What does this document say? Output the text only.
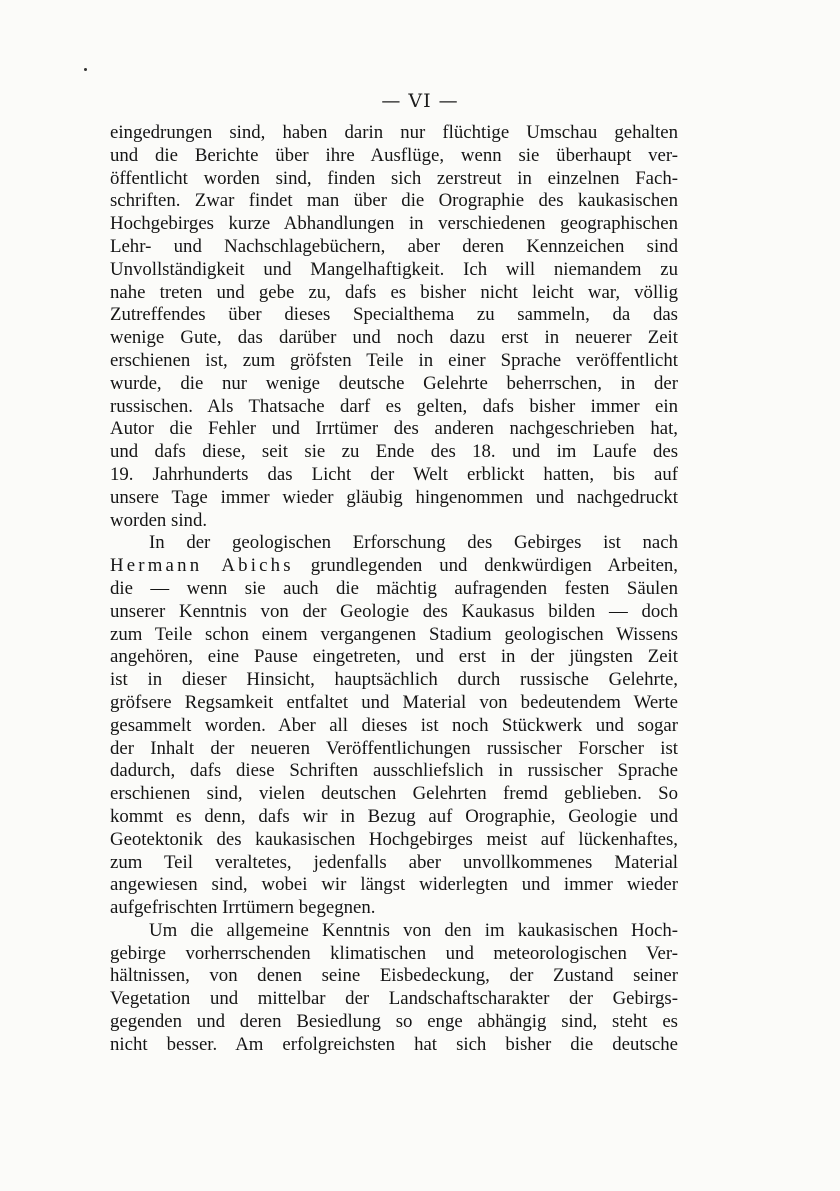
— VI —
eingedrungen sind, haben darin nur flüchtige Umschau gehalten
und die Berichte über ihre Ausflüge, wenn sie überhaupt ver-
öffentlicht worden sind, finden sich zerstreut in einzelnen Fach-
schriften. Zwar findet man über die Orographie des kaukasischen
Hochgebirges kurze Abhandlungen in verschiedenen geographischen
Lehr- und Nachschlagebüchern, aber deren Kennzeichen sind
Unvollständigkeit und Mangelhaftigkeit. Ich will niemandem zu
nahe treten und gebe zu, dafs es bisher nicht leicht war, völlig
Zutreffendes über dieses Specialthema zu sammeln, da das
wenige Gute, das darüber und noch dazu erst in neuerer Zeit
erschienen ist, zum gröfsten Teile in einer Sprache veröffentlicht
wurde, die nur wenige deutsche Gelehrte beherrschen, in der
russischen. Als Thatsache darf es gelten, dafs bisher immer ein
Autor die Fehler und Irrtümer des anderen nachgeschrieben hat,
und dafs diese, seit sie zu Ende des 18. und im Laufe des
19. Jahrhunderts das Licht der Welt erblickt hatten, bis auf
unsere Tage immer wieder gläubig hingenommen und nachgedruckt
worden sind.
In der geologischen Erforschung des Gebirges ist nach
Hermann Abichs grundlegenden und denkwürdigen Arbeiten,
die — wenn sie auch die mächtig aufragenden festen Säulen
unserer Kenntnis von der Geologie des Kaukasus bilden — doch
zum Teile schon einem vergangenen Stadium geologischen Wissens
angehören, eine Pause eingetreten, und erst in der jüngsten Zeit
ist in dieser Hinsicht, hauptsächlich durch russische Gelehrte,
gröfsere Regsamkeit entfaltet und Material von bedeutendem Werte
gesammelt worden. Aber all dieses ist noch Stückwerk und sogar
der Inhalt der neueren Veröffentlichungen russischer Forscher ist
dadurch, dafs diese Schriften ausschliefslich in russischer Sprache
erschienen sind, vielen deutschen Gelehrten fremd geblieben. So
kommt es denn, dafs wir in Bezug auf Orographie, Geologie und
Geotektonik des kaukasischen Hochgebirges meist auf lückenhaftes,
zum Teil veraltetes, jedenfalls aber unvollkommenes Material
angewiesen sind, wobei wir längst widerlegten und immer wieder
aufgefrischten Irrtümern begegnen.
Um die allgemeine Kenntnis von den im kaukasischen Hoch-
gebirge vorherrschenden klimatischen und meteorologischen Ver-
hältnissen, von denen seine Eisbedeckung, der Zustand seiner
Vegetation und mittelbar der Landschaftscharakter der Gebirgs-
gegenden und deren Besiedlung so enge abhängig sind, steht es
nicht besser. Am erfolgreichsten hat sich bisher die deutsche
